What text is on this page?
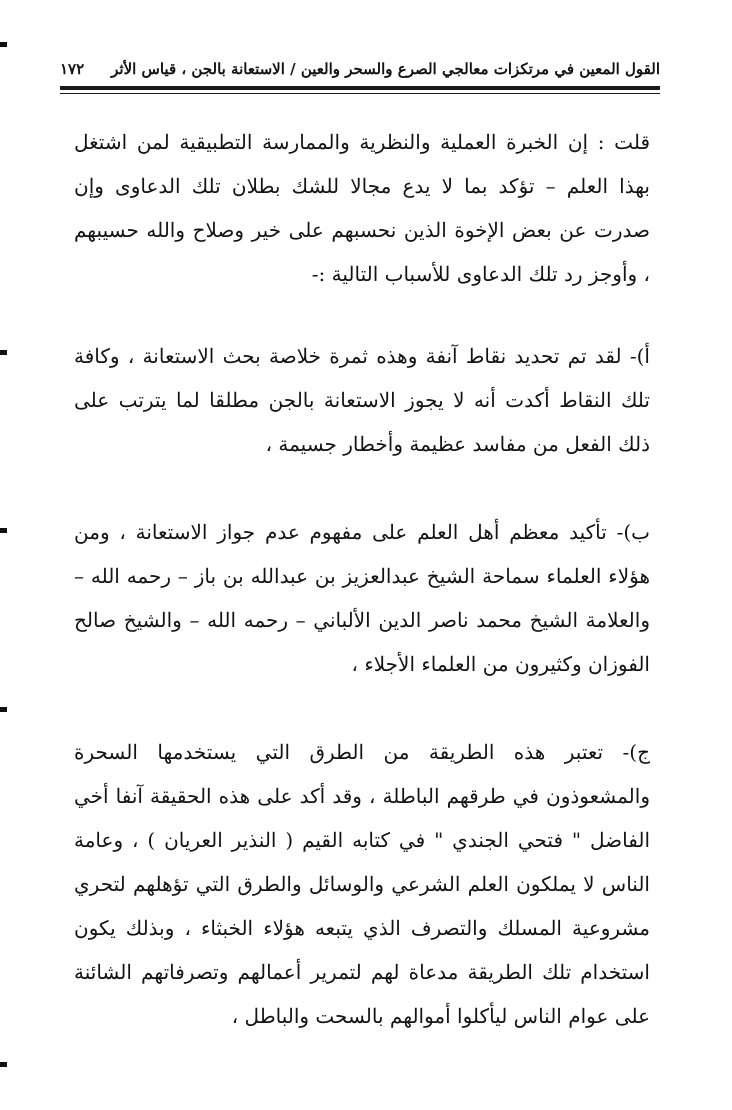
القول المعين في مرتكزات معالجي الصرع والسحر والعين / الاستعانة بالجن ، قياس الأثر
١٧٢
قلت : إن الخبرة العملية والنظرية والممارسة التطبيقية لمن اشتغل بهذا العلم – تؤكد بما لا يدع مجالا للشك بطلان تلك الدعاوى وإن صدرت عن بعض الإخوة الذين نحسبهم على خير وصلاح والله حسيبهم ، وأوجز رد تلك الدعاوى للأسباب التالية :-
أ)- لقد تم تحديد نقاط آنفة وهذه ثمرة خلاصة بحث الاستعانة ، وكافة تلك النقاط أكدت أنه لا يجوز الاستعانة بالجن مطلقا لما يترتب على ذلك الفعل من مفاسد عظيمة وأخطار جسيمة ،
ب)- تأكيد معظم أهل العلم على مفهوم عدم جواز الاستعانة ، ومن هؤلاء العلماء سماحة الشيخ عبدالعزيز بن عبدالله بن باز – رحمه الله – والعلامة الشيخ محمد ناصر الدين الألباني – رحمه الله – والشيخ صالح الفوزان وكثيرون من العلماء الأجلاء ،
ج)- تعتبر هذه الطريقة من الطرق التي يستخدمها السحرة والمشعوذون في طرقهم الباطلة ، وقد أكد على هذه الحقيقة آنفا أخي الفاضل " فتحي الجندي " في كتابه القيم ( النذير العريان ) ، وعامة الناس لا يملكون العلم الشرعي والوسائل والطرق التي تؤهلهم لتحري مشروعية المسلك والتصرف الذي يتبعه هؤلاء الخبثاء ، وبذلك يكون استخدام تلك الطريقة مدعاة لهم لتمرير أعمالهم وتصرفاتهم الشائنة على عوام الناس ليأكلوا أموالهم بالسحت والباطل ،
